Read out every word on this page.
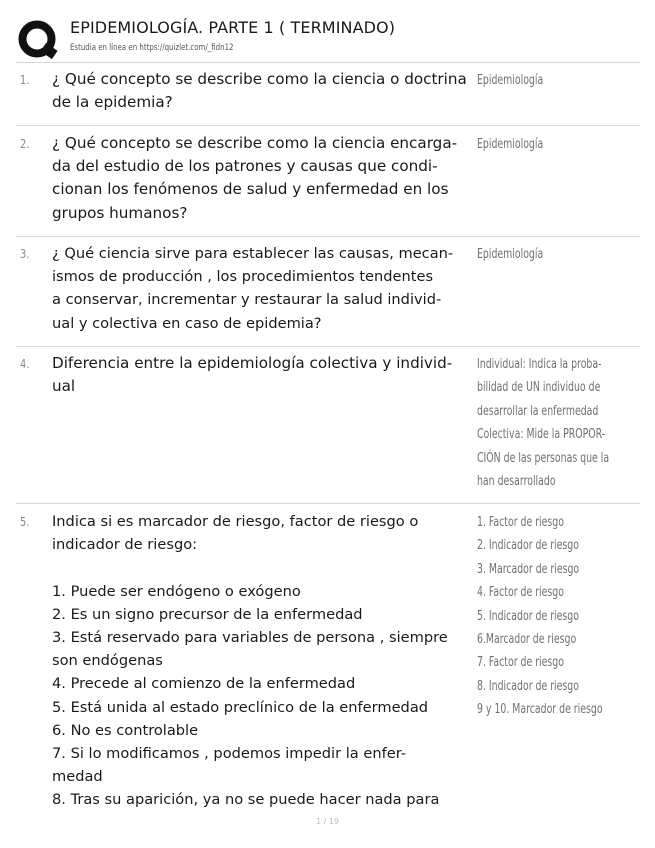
EPIDEMIOLOGÍA. PARTE 1 ( TERMINADO)
Estudia en línea en https://quizlet.com/_fidn12
1. ¿ Qué concepto se describe como la ciencia o doctrina
de la epidemia?
Epidemiología
2. ¿ Qué concepto se describe como la ciencia encarga-
da del estudio de los patrones y causas que condi-
cionan los fenómenos de salud y enfermedad en los
grupos humanos?
Epidemiología
3. ¿ Qué ciencia sirve para establecer las causas, mecan-
ismos de producción , los procedimientos tendentes
a conservar, incrementar y restaurar la salud individ-
ual y colectiva en caso de epidemia?
Epidemiología
4. Diferencia entre la epidemiología colectiva y individ-
ual
Individual: Indica la proba-
bilidad de UN individuo de
desarrollar la enfermedad
Colectiva: Mide la PROPOR-
CIÓN de las personas que la
han desarrollado
5. Indica si es marcador de riesgo, factor de riesgo o
indicador de riesgo:

1. Puede ser endógeno o exógeno
2. Es un signo precursor de la enfermedad
3. Está reservado para variables de persona , siempre
son endógenas
4. Precede al comienzo de la enfermedad
5. Está unida al estado preclínico de la enfermedad
6. No es controlable
7. Si lo modificamos , podemos impedir la enfer-
medad
8. Tras su aparición, ya no se puede hacer nada para
1. Factor de riesgo
2. Indicador de riesgo
3. Marcador de riesgo
4. Factor de riesgo
5. Indicador de riesgo
6.Marcador de riesgo
7. Factor de riesgo
8. Indicador de riesgo
9 y 10. Marcador de riesgo
1 / 19
